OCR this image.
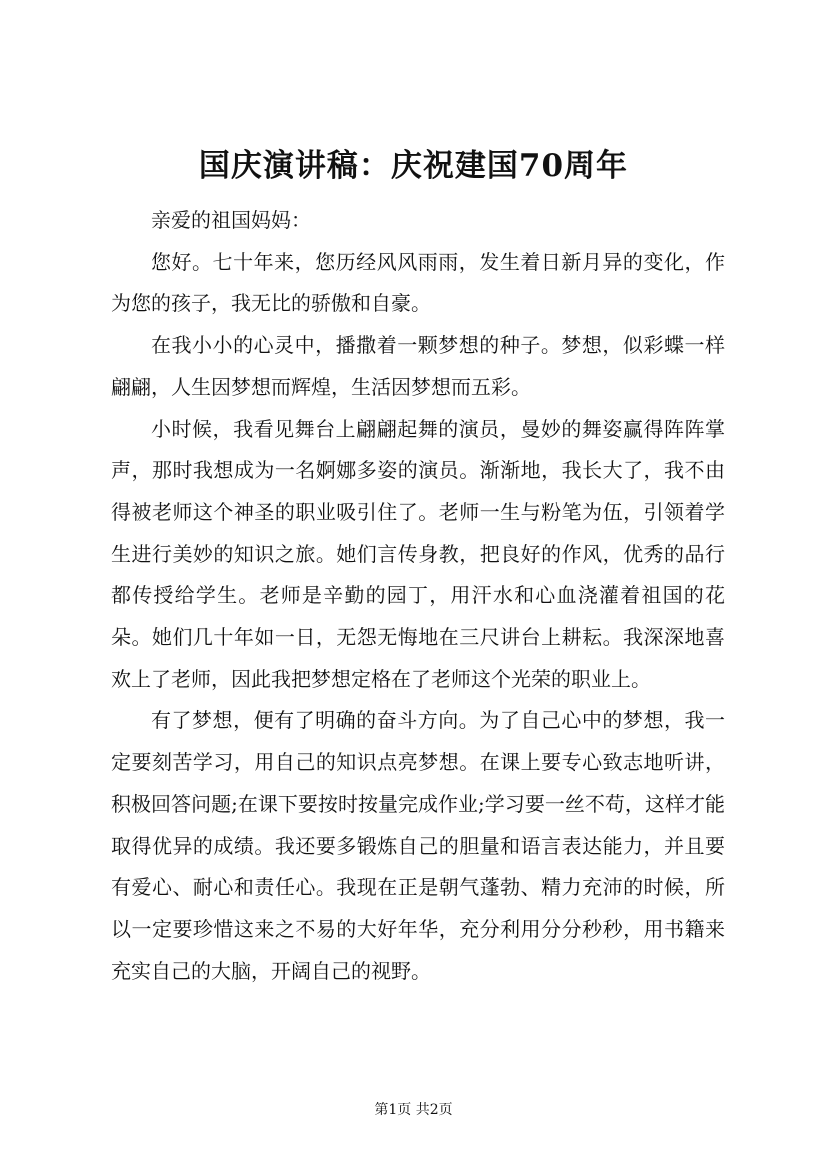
国庆演讲稿：庆祝建国70周年

亲爱的祖国妈妈：

您好。七十年来，您历经风风雨雨，发生着日新月异的变化，作为您的孩子，我无比的骄傲和自豪。

在我小小的心灵中，播撒着一颗梦想的种子。梦想，似彩蝶一样翩翩，人生因梦想而辉煌，生活因梦想而五彩。

小时候，我看见舞台上翩翩起舞的演员，曼妙的舞姿赢得阵阵掌声，那时我想成为一名婀娜多姿的演员。渐渐地，我长大了，我不由得被老师这个神圣的职业吸引住了。老师一生与粉笔为伍，引领着学生进行美妙的知识之旅。她们言传身教，把良好的作风，优秀的品行都传授给学生。老师是辛勤的园丁，用汗水和心血浇灌着祖国的花朵。她们几十年如一日，无怨无悔地在三尺讲台上耕耘。我深深地喜欢上了老师，因此我把梦想定格在了老师这个光荣的职业上。

有了梦想，便有了明确的奋斗方向。为了自己心中的梦想，我一定要刻苦学习，用自己的知识点亮梦想。在课上要专心致志地听讲，积极回答问题;在课下要按时按量完成作业;学习要一丝不苟，这样才能取得优异的成绩。我还要多锻炼自己的胆量和语言表达能力，并且要有爱心、耐心和责任心。我现在正是朝气蓬勃、精力充沛的时候，所以一定要珍惜这来之不易的大好年华，充分利用分分秒秒，用书籍来充实自己的大脑，开阔自己的视野。

第1页 共2页
